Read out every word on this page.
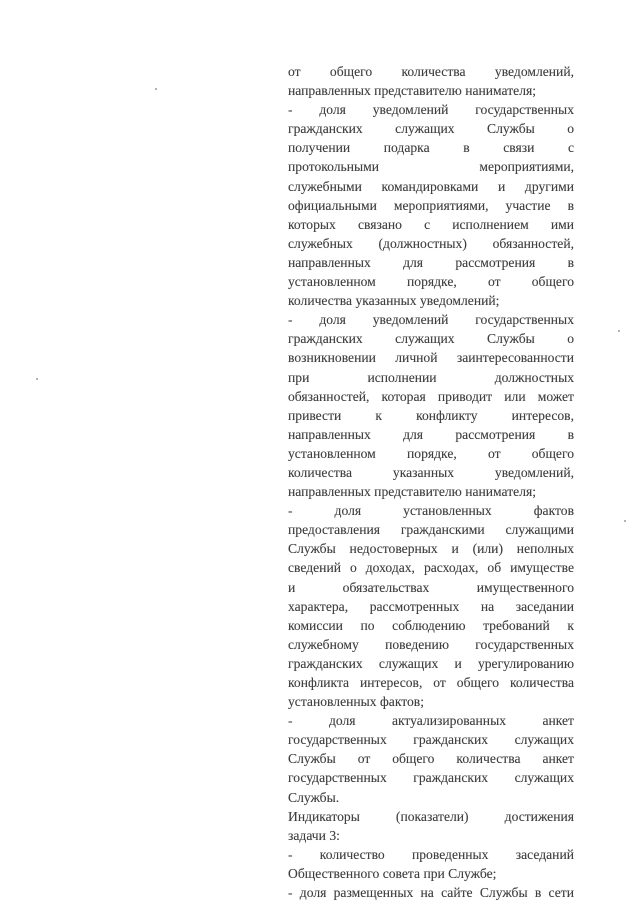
от общего количества уведомлений,
направленных представителю нанимателя;
- доля уведомлений государственных
гражданских служащих Службы о
получении подарка в связи с
протокольными мероприятиями,
служебными командировками и другими
официальными мероприятиями, участие в
которых связано с исполнением ими
служебных (должностных) обязанностей,
направленных для рассмотрения в
установленном порядке, от общего
количества указанных уведомлений;
- доля уведомлений государственных
гражданских служащих Службы о
возникновении личной заинтересованности
при исполнении должностных
обязанностей, которая приводит или может
привести к конфликту интересов,
направленных для рассмотрения в
установленном порядке, от общего
количества указанных уведомлений,
направленных представителю нанимателя;
- доля установленных фактов
предоставления гражданскими служащими
Службы недостоверных и (или) неполных
сведений о доходах, расходах, об имуществе
и обязательствах имущественного
характера, рассмотренных на заседании
комиссии по соблюдению требований к
служебному поведению государственных
гражданских служащих и урегулированию
конфликта интересов, от общего количества
установленных фактов;
- доля актуализированных анкет
государственных гражданских служащих
Службы от общего количества анкет
государственных гражданских служащих
Службы.
Индикаторы (показатели) достижения
задачи 3:
- количество проведенных заседаний
Общественного совета при Службе;
- доля размещенных на сайте Службы в сети
